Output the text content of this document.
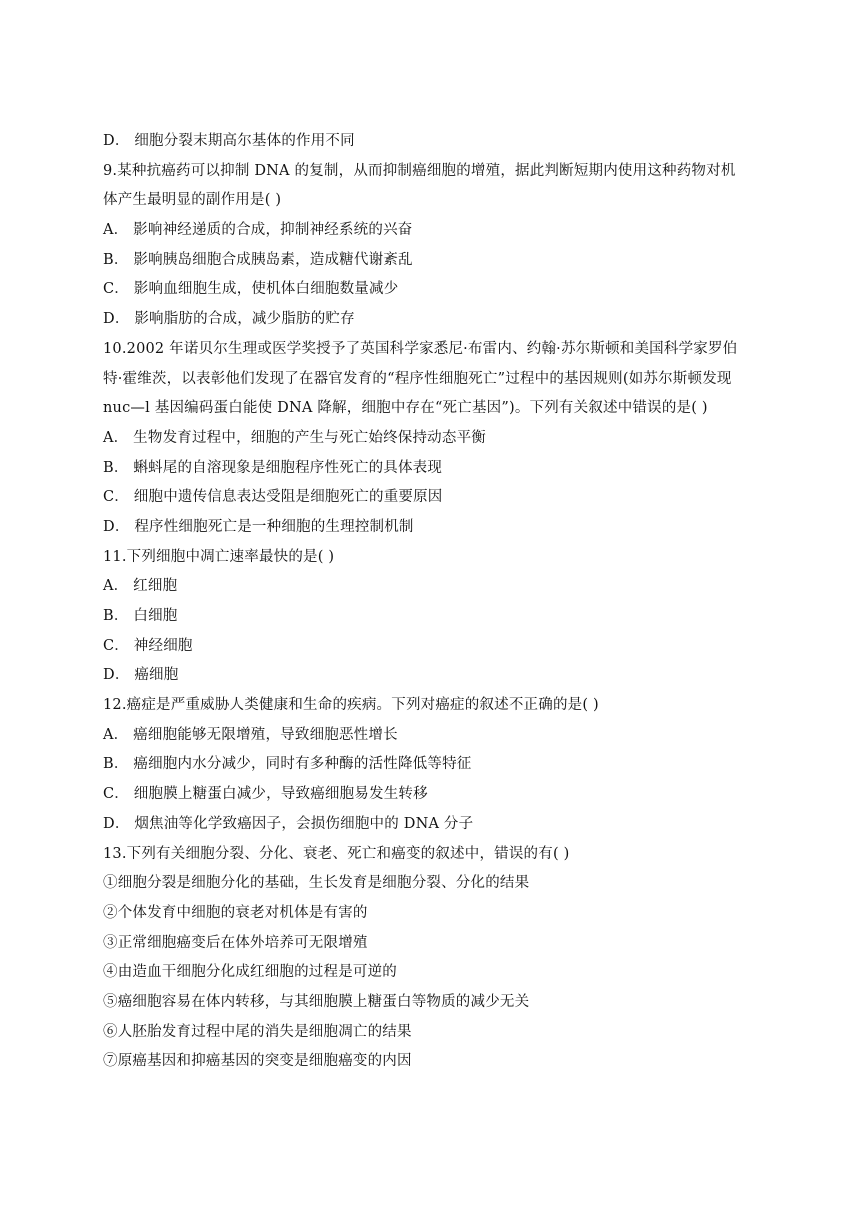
D． 细胞分裂末期高尔基体的作用不同
9.某种抗癌药可以抑制 DNA 的复制，从而抑制癌细胞的增殖，据此判断短期内使用这种药物对机
体产生最明显的副作用是( )
A． 影响神经递质的合成，抑制神经系统的兴奋
B． 影响胰岛细胞合成胰岛素，造成糖代谢紊乱
C． 影响血细胞生成，使机体白细胞数量减少
D． 影响脂肪的合成，减少脂肪的贮存
10.2002 年诺贝尔生理或医学奖授予了英国科学家悉尼·布雷内、约翰·苏尔斯顿和美国科学家罗伯
特·霍维茨，以表彰他们发现了在器官发育的“程序性细胞死亡”过程中的基因规则(如苏尔斯顿发现
nuc—l 基因编码蛋白能使 DNA 降解，细胞中存在“死亡基因”)。下列有关叙述中错误的是( )
A． 生物发育过程中，细胞的产生与死亡始终保持动态平衡
B． 蝌蚪尾的自溶现象是细胞程序性死亡的具体表现
C． 细胞中遗传信息表达受阻是细胞死亡的重要原因
D． 程序性细胞死亡是一种细胞的生理控制机制
11.下列细胞中凋亡速率最快的是( )
A． 红细胞
B． 白细胞
C． 神经细胞
D． 癌细胞
12.癌症是严重威胁人类健康和生命的疾病。下列对癌症的叙述不正确的是( )
A． 癌细胞能够无限增殖，导致细胞恶性增长
B． 癌细胞内水分减少，同时有多种酶的活性降低等特征
C． 细胞膜上糖蛋白减少，导致癌细胞易发生转移
D． 烟焦油等化学致癌因子，会损伤细胞中的 DNA 分子
13.下列有关细胞分裂、分化、衰老、死亡和癌变的叙述中，错误的有( )
①细胞分裂是细胞分化的基础，生长发育是细胞分裂、分化的结果
②个体发育中细胞的衰老对机体是有害的
③正常细胞癌变后在体外培养可无限增殖
④由造血干细胞分化成红细胞的过程是可逆的
⑤癌细胞容易在体内转移，与其细胞膜上糖蛋白等物质的减少无关
⑥人胚胎发育过程中尾的消失是细胞凋亡的结果
⑦原癌基因和抑癌基因的突变是细胞癌变的内因
